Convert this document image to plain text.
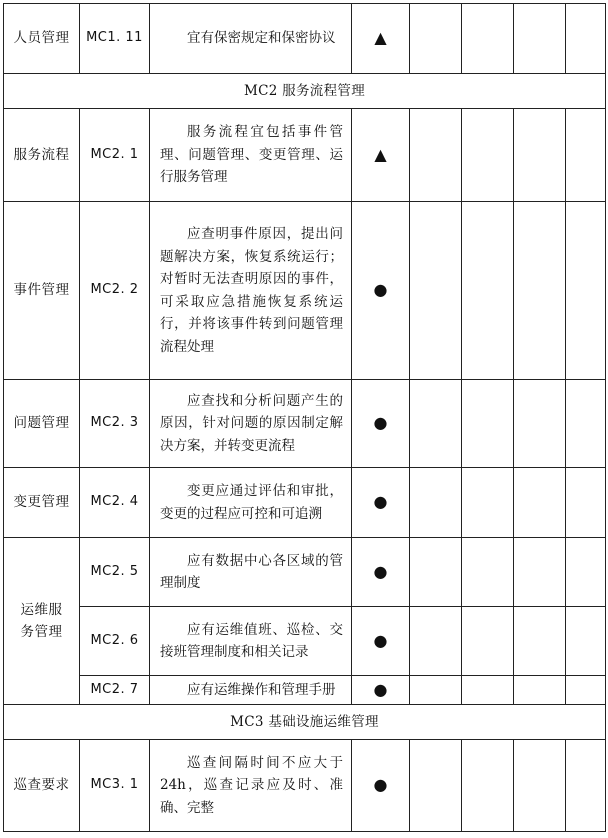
人员管理	MC1. 11	宜有保密规定和保密协议	▲				
MC2 服务流程管理							
服务流程	MC2. 1	服务流程宜包括事件管理、问题管理、变更管理、运行服务管理	▲				
事件管理	MC2. 2	应查明事件原因，提出问题解决方案，恢复系统运行；对暂时无法查明原因的事件，可采取应急措施恢复系统运行，并将该事件转到问题管理流程处理	●				
问题管理	MC2. 3	应查找和分析问题产生的原因，针对问题的原因制定解决方案，并转变更流程	●				
变更管理	MC2. 4	变更应通过评估和审批，变更的过程应可控和可追溯	●				
运维服务管理	MC2. 5	应有数据中心各区域的管理制度	●				
	MC2. 6	应有运维值班、巡检、交接班管理制度和相关记录	●				
	MC2. 7	应有运维操作和管理手册	●				
MC3 基础设施运维管理							
巡查要求	MC3. 1	巡查间隔时间不应大于24h，巡查记录应及时、准确、完整	●				
